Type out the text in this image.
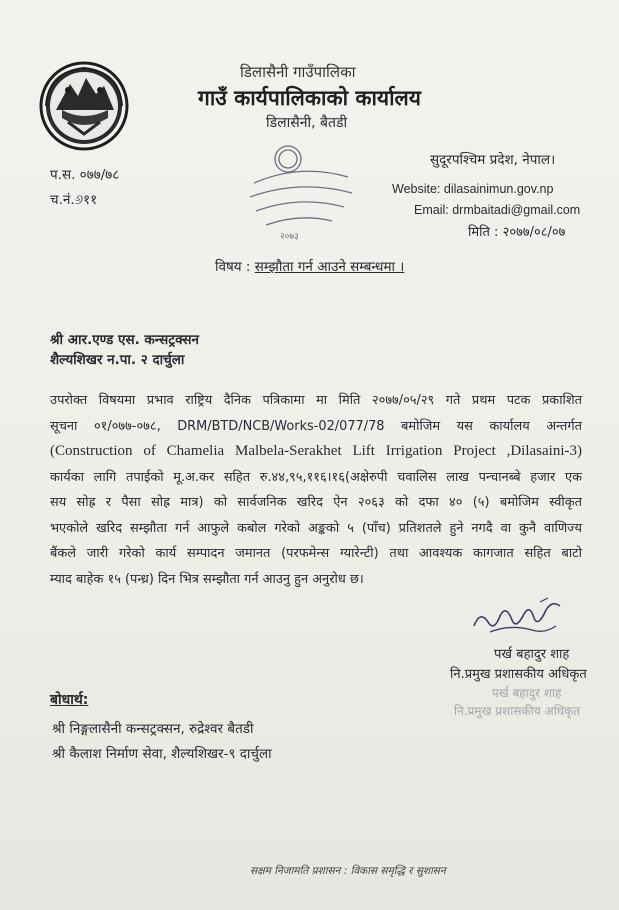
डिलासैनी गाउँपालिका
गाउँ कार्यपालिकाको कार्यालय
डिलासैनी, बैतडी
प.स. ०७७/७८
च.नं.୬११
२०७३
सुदूरपश्चिम प्रदेश, नेपाल।
Website: dilasainimun.gov.np
Email: drmbaitadi@gmail.com
मिति : २०७७/०८/०७
विषय : सम्झौता गर्न आउने सम्बन्धमा ।
श्री आर.एण्ड एस. कन्सट्रक्सन
शैल्यशिखर न.पा. २ दार्चुला
उपरोक्त विषयमा प्रभाव राष्ट्रिय दैनिक पत्रिकामा मा मिति २०७७/०५/२९ गते प्रथम पटक प्रकाशित
सूचना ०१/०७७-०७८, DRM/BTD/NCB/Works-02/077/78 बमोजिम यस कार्यालय अन्तर्गत
(Construction of Chamelia Malbela-Serakhet Lift Irrigation Project ,Dilasaini-3)
कार्यका लागि तपाईको मू.अ.कर सहित रु.४४,९५,११६।१६(अक्षेरुपी चवालिस लाख पन्चानब्बे हजार एक
सय सोह्र र पैसा सोह्र मात्र) को सार्वजनिक खरिद ऐन २०६३ को दफा ४० (५) बमोजिम स्वीकृत
भएकोले खरिद सम्झौता गर्न आफुले कबोल गरेको अङ्कको ५ (पाँच) प्रतिशतले हुने नगदै वा कुनै वाणिज्य
बैंकले जारी गरेको कार्य सम्पादन जमानत (परफमेन्स ग्यारेन्टी) तथा आवश्यक कागजात सहित बाटो
म्याद बाहेक १५ (पन्ध्र) दिन भित्र सम्झौता गर्न आउनु हुन अनुरोध छ।
पर्ख बहादुर शाह
नि.प्रमुख प्रशासकीय अधिकृत
पर्ख बहादुर शाह
नि.प्रमुख प्रशासकीय अधिकृत
बोधार्थ:
श्री निङ्गलासैनी कन्सट्रक्सन, रुद्रेश्वर बैतडी
श्री कैलाश निर्माण सेवा, शैल्यशिखर-९ दार्चुला
सक्षम निजामति प्रशासन : विकास समृद्धि र सुशासन
